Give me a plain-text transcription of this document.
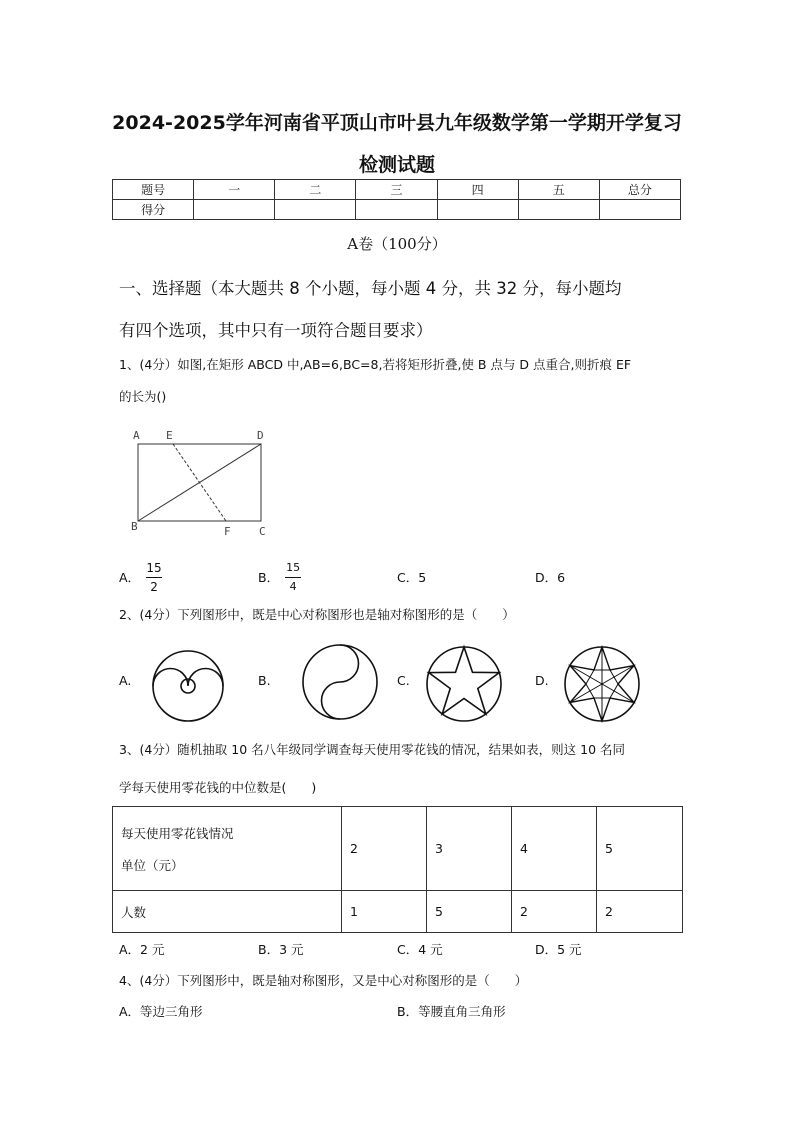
2024-2025学年河南省平顶山市叶县九年级数学第一学期开学复习
检测试题
题号	一	二	三	四	五	总分
得分						
A卷（100分）
一、选择题（本大题共 8 个小题，每小题 4 分，共 32 分，每小题均
有四个选项，其中只有一项符合题目要求）
1、(4分）如图,在矩形 ABCD 中,AB=6,BC=8,若将矩形折叠,使 B 点与 D 点重合,则折痕 EF
的长为()
A E	D
B	F	C
A． $\frac{15}{2}$	B． $\frac{15}{4}$	C．5	D．6
2、(4分）下列图形中，既是中心对称图形也是轴对称图形的是（　　）
A.	B.	C.	D.
3、(4分）随机抽取 10 名八年级同学调查每天使用零花钱的情况，结果如表，则这 10 名同
学每天使用零花钱的中位数是(　　)
每天使用零花钱情况
单位（元）	2	3	4	5
人数	1	5	2	2
A．2 元	B．3 元	C．4 元	D．5 元
4、(4分）下列图形中，既是轴对称图形，又是中心对称图形的是（　　）
A．等边三角形	B．等腰直角三角形
